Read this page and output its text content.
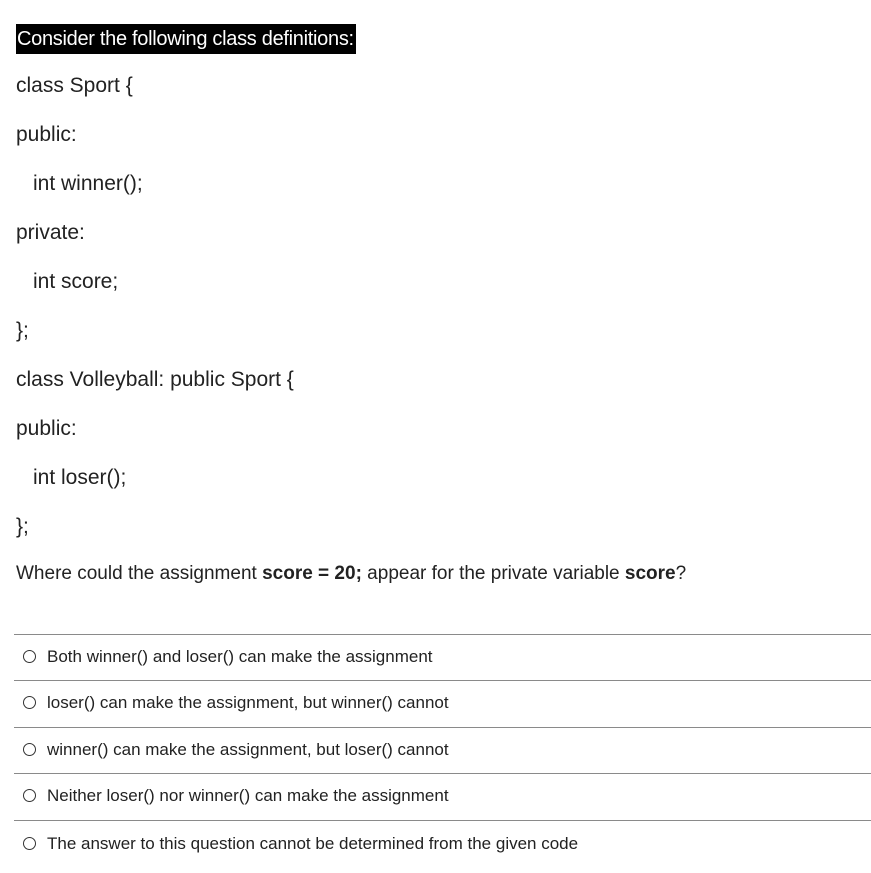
Consider the following class definitions:
class Sport {
public:
int winner();
private:
int score;
};
class Volleyball: public Sport {
public:
int loser();
};
Where could the assignment score = 20; appear for the private variable score?
Both winner() and loser() can make the assignment
loser() can make the assignment, but winner() cannot
winner() can make the assignment, but loser() cannot
Neither loser() nor winner() can make the assignment
The answer to this question cannot be determined from the given code
